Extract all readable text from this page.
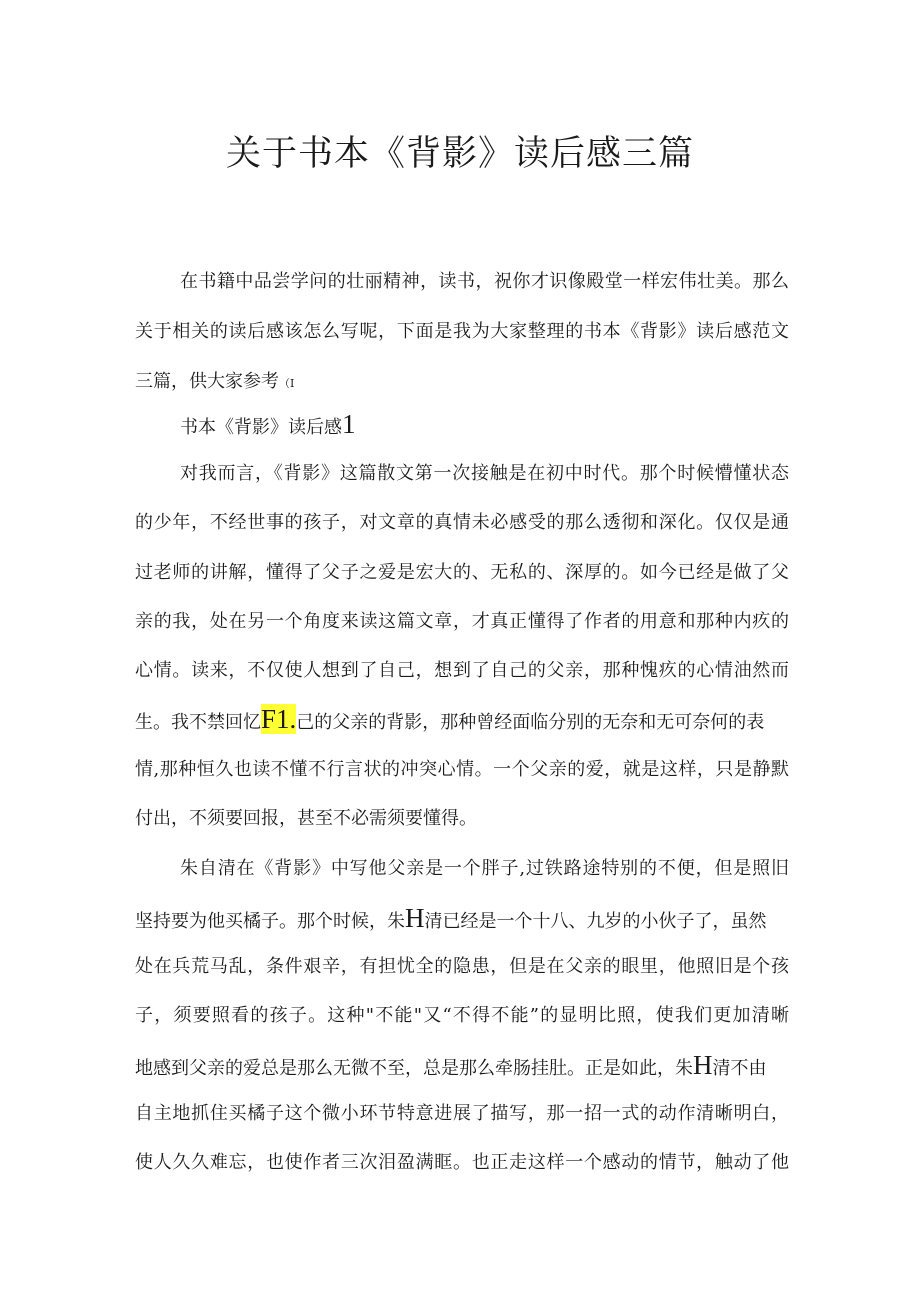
关于书本《背影》读后感三篇
在书籍中品尝学问的壮丽精神，读书，祝你才识像殿堂一样宏伟壮美。那么
关于相关的读后感该怎么写呢，下面是我为大家整理的书本《背影》读后感范文
三篇，供大家参考（I
书本《背影》读后感1
对我而言，《背影》这篇散文第一次接触是在初中时代。那个时候懵懂状态
的少年，不经世事的孩子，对文章的真情未必感受的那么透彻和深化。仅仅是通
过老师的讲解，懂得了父子之爱是宏大的、无私的、深厚的。如今已经是做了父
亲的我，处在另一个角度来读这篇文章，才真正懂得了作者的用意和那种内疚的
心情。读来，不仅使人想到了自己，想到了自己的父亲，那种愧疚的心情油然而
生。我不禁回忆F1.己的父亲的背影，那种曾经面临分别的无奈和无可奈何的表
情,那种恒久也读不懂不行言状的冲突心情。一个父亲的爱，就是这样，只是静默
付出，不须要回报，甚至不必需须要懂得。
朱自清在《背影》中写他父亲是一个胖子,过铁路途特别的不便，但是照旧
坚持要为他买橘子。那个时候，朱H清已经是一个十八、九岁的小伙子了，虽然
处在兵荒马乱，条件艰辛，有担忧全的隐患，但是在父亲的眼里，他照旧是个孩
子，须要照看的孩子。这种"不能"又“不得不能”的显明比照，使我们更加清晰
地感到父亲的爱总是那么无微不至，总是那么牵肠挂肚。正是如此，朱H清不由
自主地抓住买橘子这个微小环节特意进展了描写，那一招一式的动作清晰明白，
使人久久难忘，也使作者三次泪盈满眶。也正走这样一个感动的情节，触动了他
